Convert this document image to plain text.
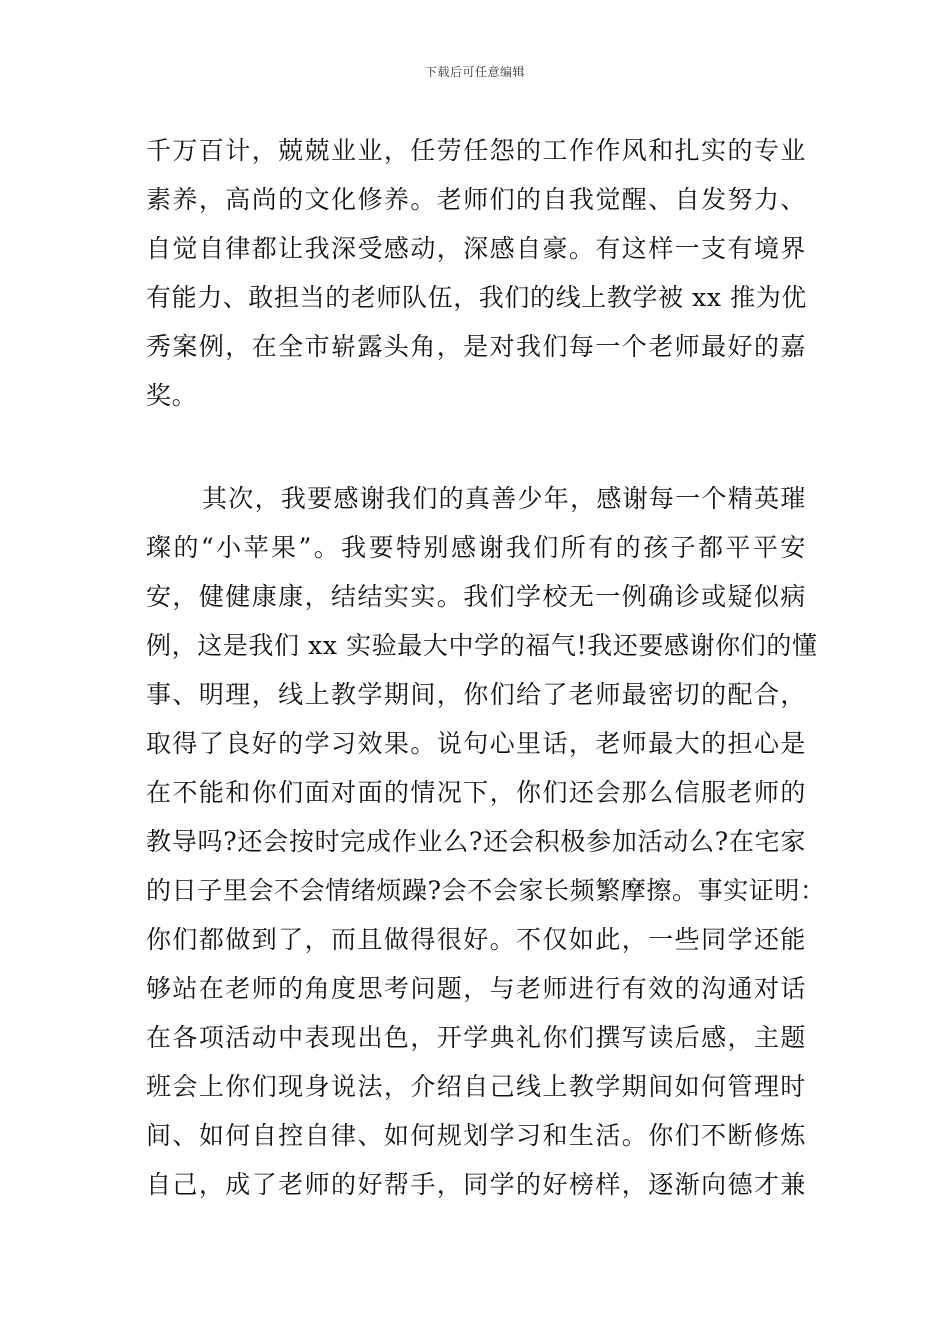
下载后可任意编辑
千万百计，兢兢业业，任劳任怨的工作作风和扎实的专业
素养，高尚的文化修养。老师们的自我觉醒、自发努力、
自觉自律都让我深受感动，深感自豪。有这样一支有境界
有能力、敢担当的老师队伍，我们的线上教学被 xx 推为优
秀案例，在全市崭露头角，是对我们每一个老师最好的嘉
奖。
其次，我要感谢我们的真善少年，感谢每一个精英璀
璨的“小苹果”。我要特别感谢我们所有的孩子都平平安
安，健健康康，结结实实。我们学校无一例确诊或疑似病
例，这是我们 xx 实验最大中学的福气!我还要感谢你们的懂
事、明理，线上教学期间，你们给了老师最密切的配合，
取得了良好的学习效果。说句心里话，老师最大的担心是
在不能和你们面对面的情况下，你们还会那么信服老师的
教导吗?还会按时完成作业么?还会积极参加活动么?在宅家
的日子里会不会情绪烦躁?会不会家长频繁摩擦。事实证明：
你们都做到了，而且做得很好。不仅如此，一些同学还能
够站在老师的角度思考问题，与老师进行有效的沟通对话
在各项活动中表现出色，开学典礼你们撰写读后感，主题
班会上你们现身说法，介绍自己线上教学期间如何管理时
间、如何自控自律、如何规划学习和生活。你们不断修炼
自己，成了老师的好帮手，同学的好榜样，逐渐向德才兼
